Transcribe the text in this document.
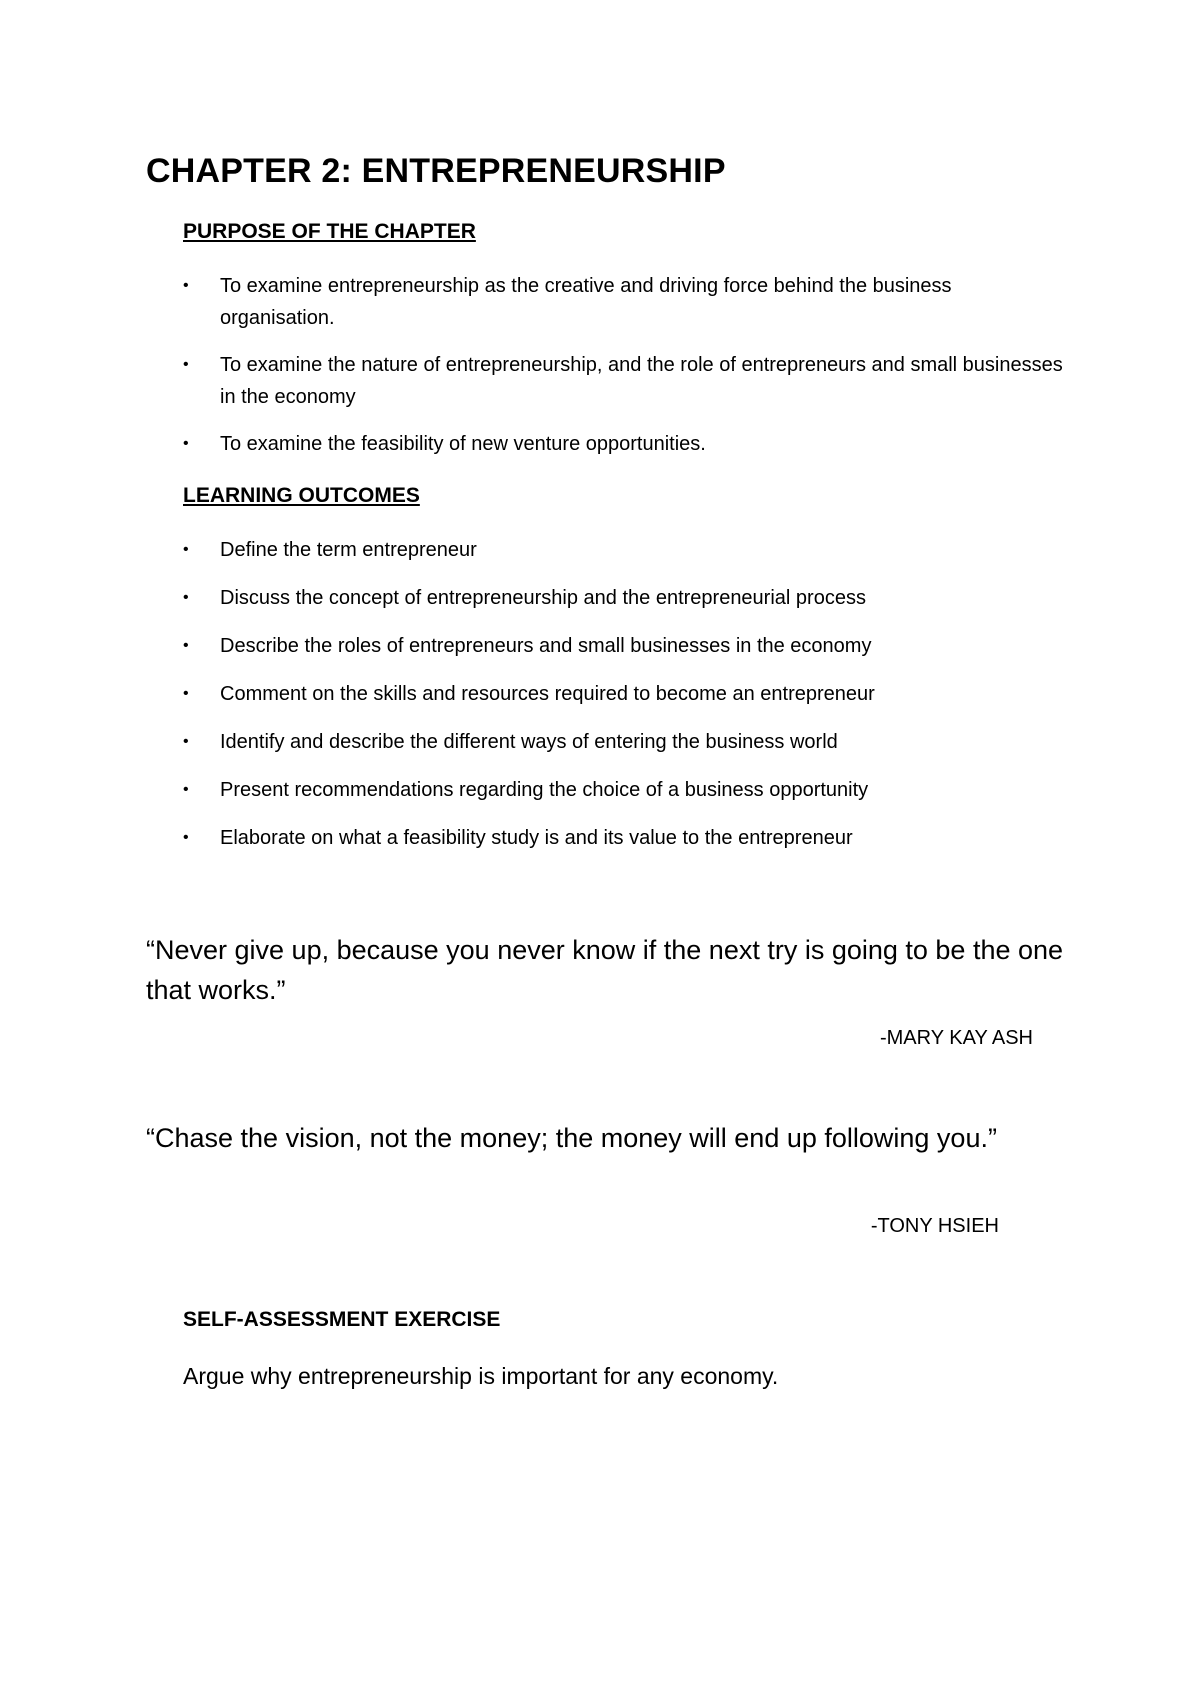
CHAPTER 2: ENTREPRENEURSHIP
PURPOSE OF THE CHAPTER
•	To examine entrepreneurship as the creative and driving force behind the business organisation.
•	To examine the nature of entrepreneurship, and the role of entrepreneurs and small businesses in the economy
•	To examine the feasibility of new venture opportunities.
LEARNING OUTCOMES
•	Define the term entrepreneur
•	Discuss the concept of entrepreneurship and the entrepreneurial process
•	Describe the roles of entrepreneurs and small businesses in the economy
•	Comment on the skills and resources required to become an entrepreneur
•	Identify and describe the different ways of entering the business world
•	Present recommendations regarding the choice of a business opportunity
•	Elaborate on what a feasibility study is and its value to the entrepreneur

“Never give up, because you never know if the next try is going to be the one that works.”

-MARY KAY ASH

“Chase the vision, not the money; the money will end up following you.”

-TONY HSIEH

SELF-ASSESSMENT EXERCISE

Argue why entrepreneurship is important for any economy.
